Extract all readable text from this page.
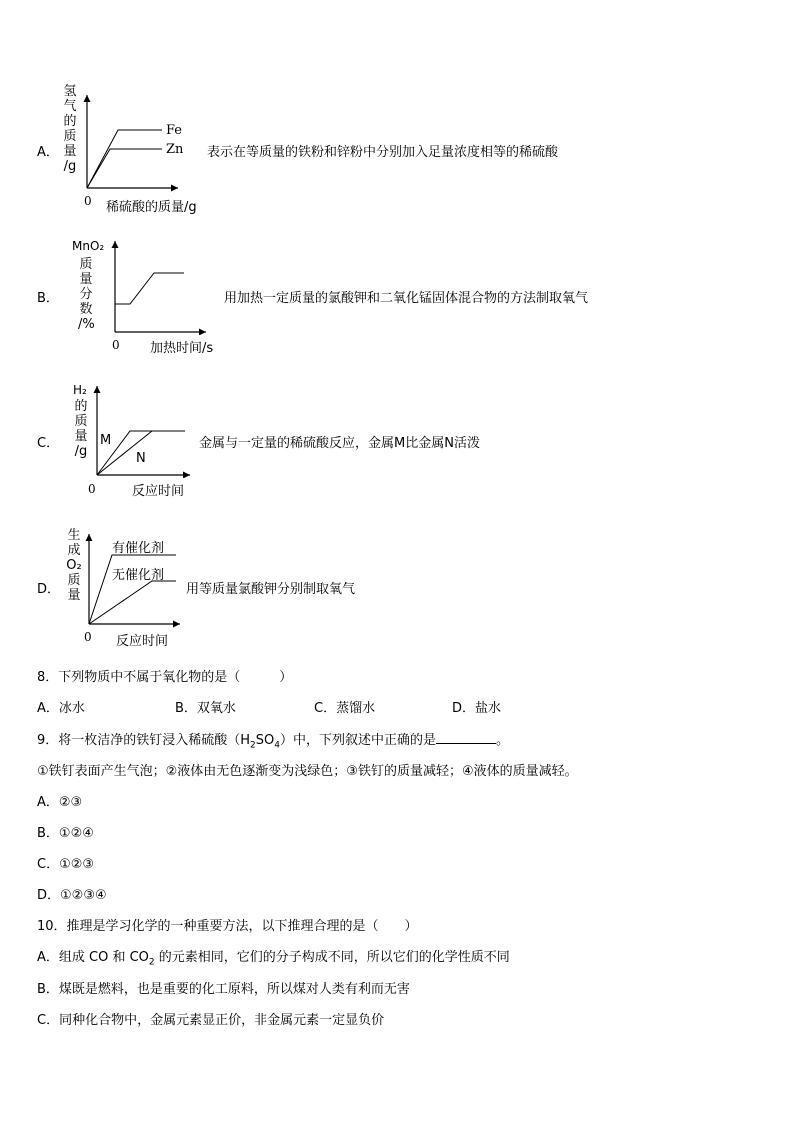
A．
氢
气
的
质
量
/g
Fe
Zn
0 稀硫酸的质量/g
表示在等质量的铁粉和锌粉中分别加入足量浓度相等的稀硫酸
B．
MnO₂
质
量
分
数
/%
0 加热时间/s
用加热一定质量的氯酸钾和二氧化锰固体混合物的方法制取氧气
C．
H₂
的
质
量
/g
M
N
0	反应时间
金属与一定量的稀硫酸反应，金属M比金属N活泼
D．
生
成
O₂
质
量
有催化剂
无催化剂
0 反应时间
用等质量氯酸钾分别制取氧气
8．下列物质中不属于氧化物的是（　　　）
A．冰水	B．双氧水	C．蒸馏水	D．盐水
9．将一枚洁净的铁钉浸入稀硫酸$(H_2SO_4)$中，下列叙述中正确的是	。
①铁钉表面产生气泡；②液体由无色逐渐变为浅绿色；③铁钉的质量减轻；④液体的质量减轻。
A．②③
B．①②④
C．①②③
D．①②③④
10．推理是学习化学的一种重要方法，以下推理合理的是（　　）
A．组成 CO 和 $CO_2$ 的元素相同，它们的分子构成不同，所以它们的化学性质不同
B．煤既是燃料，也是重要的化工原料，所以煤对人类有利而无害
C．同种化合物中，金属元素显正价，非金属元素一定显负价
